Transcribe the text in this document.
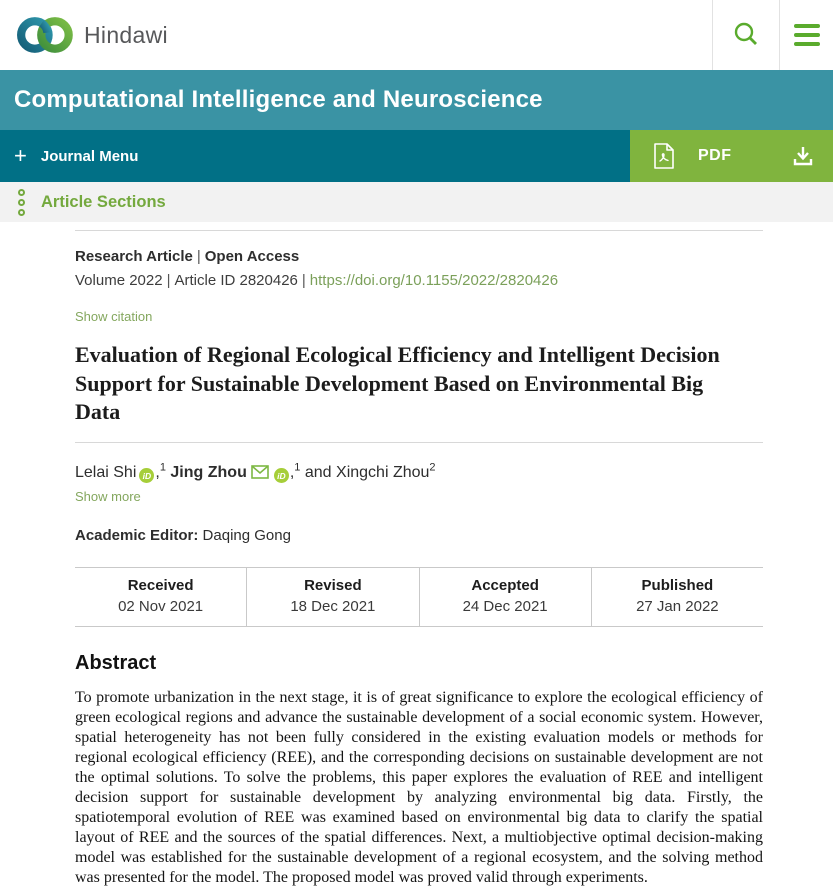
Hindawi
Computational Intelligence and Neuroscience
+ Journal Menu	PDF
Article Sections

Research Article | Open Access

Volume 2022 | Article ID 2820426 | https://doi.org/10.1155/2022/2820426

Show citation
Evaluation of Regional Ecological Efficiency and Intelligent Decision Support for Sustainable Development Based on Environmental Big Data

Lelai Shi iD ,$^1$ Jing Zhou	iD ,$^1$ and Xingchi Zhou$^2$

Show more

Academic Editor: Daqing Gong

Received
02 Nov 2021
Revised
18 Dec 2021
Accepted
24 Dec 2021
Published
27 Jan 2022
Abstract

To promote urbanization in the next stage, it is of great significance to explore the ecological efficiency of green ecological regions and advance the sustainable development of a social economic system. However, spatial heterogeneity has not been fully considered in the existing evaluation models or methods for regional ecological efficiency (REE), and the corresponding decisions on sustainable development are not the optimal solutions. To solve the problems, this paper explores the evaluation of REE and intelligent decision support for sustainable development by analyzing environmental big data. Firstly, the spatiotemporal evolution of REE was examined based on environmental big data to clarify the spatial layout of REE and the sources of the spatial differences. Next, a multiobjective optimal decision-making model was established for the sustainable development of a regional ecosystem, and the solving method was presented for the model. The proposed model was proved valid through experiments.
